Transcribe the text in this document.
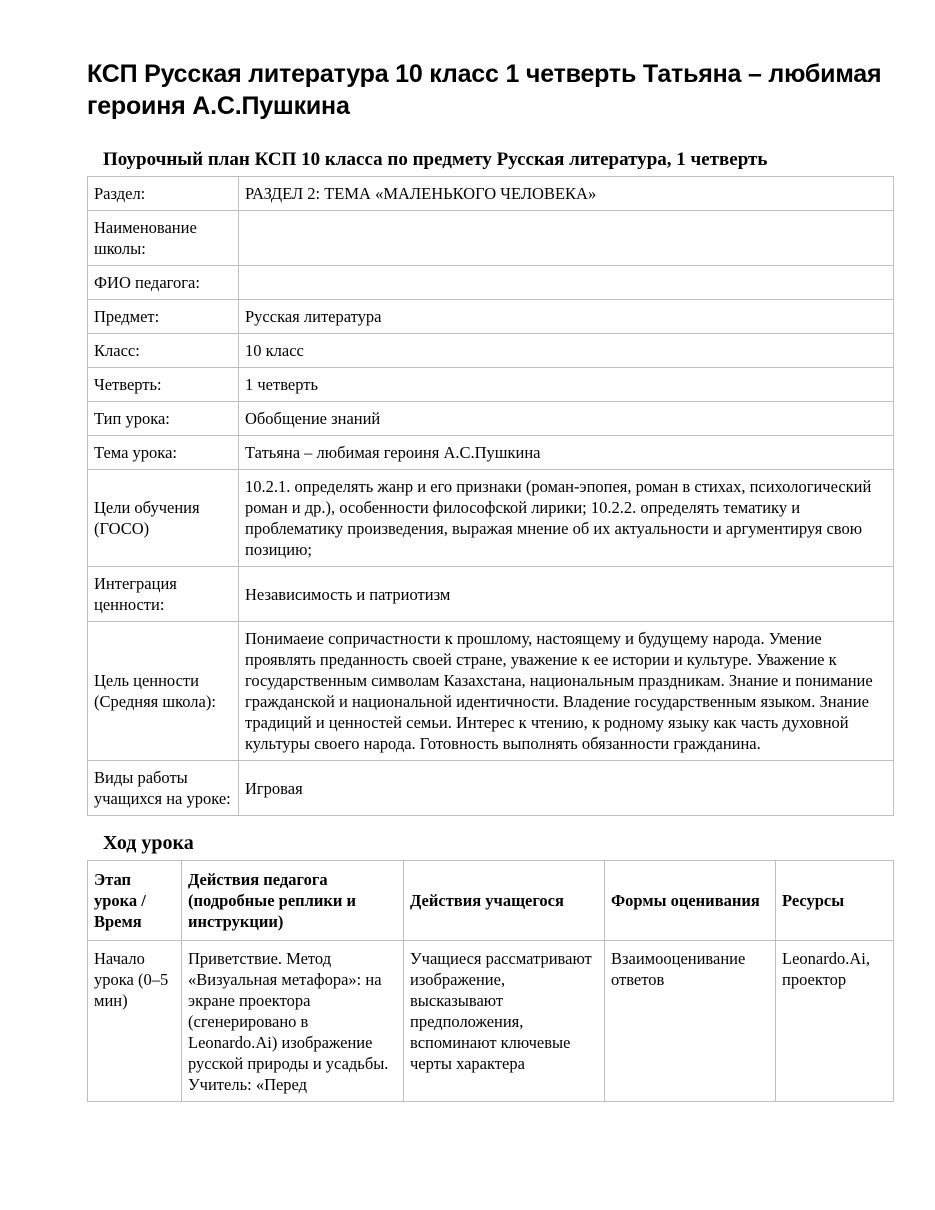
КСП Русская литература 10 класс 1 четверть Татьяна – любимая героиня А.С.Пушкина
Поурочный план КСП 10 класса по предмету Русская литература, 1 четверть
Раздел:	РАЗДЕЛ 2: ТЕМА «МАЛЕНЬКОГО ЧЕЛОВЕКА»
Наименование школы:	
ФИО педагога:	
Предмет:	Русская литература
Класс:	10 класс
Четверть:	1 четверть
Тип урока:	Обобщение знаний
Тема урока:	Татьяна – любимая героиня А.С.Пушкина
Цели обучения (ГОСО)	10.2.1. определять жанр и его признаки (роман-эпопея, роман в стихах, психологический роман и др.), особенности философской лирики; 10.2.2. определять тематику и проблематику произведения, выражая мнение об их актуальности и аргументируя свою позицию;
Интеграция ценности:	Независимость и патриотизм
Цель ценности (Средняя школа):	Понимаеие сопричастности к прошлому, настоящему и будущему народа. Умение проявлять преданность своей стране, уважение к ее истории и культуре. Уважение к государственным символам Казахстана, национальным праздникам. Знание и понимание гражданской и национальной идентичности. Владение государственным языком. Знание традиций и ценностей семьи. Интерес к чтению, к родному языку как часть духовной культуры своего народа. Готовность выполнять обязанности гражданина.
Виды работы учащихся на уроке:	Игровая
Ход урока
Этап урока / Время	Действия педагога (подробные реплики и инструкции)	Действия учащегося	Формы оценивания	Ресурсы
Начало урока (0–5 мин)	Приветствие. Метод «Визуальная метафора»: на экране проектора (сгенерировано в Leonardo.Ai) изображение русской природы и усадьбы. Учитель: «Перед	Учащиеся рассматривают изображение, высказывают предположения, вспоминают ключевые черты характера	Взаимооценивание ответов	Leonardo.Ai, проектор
